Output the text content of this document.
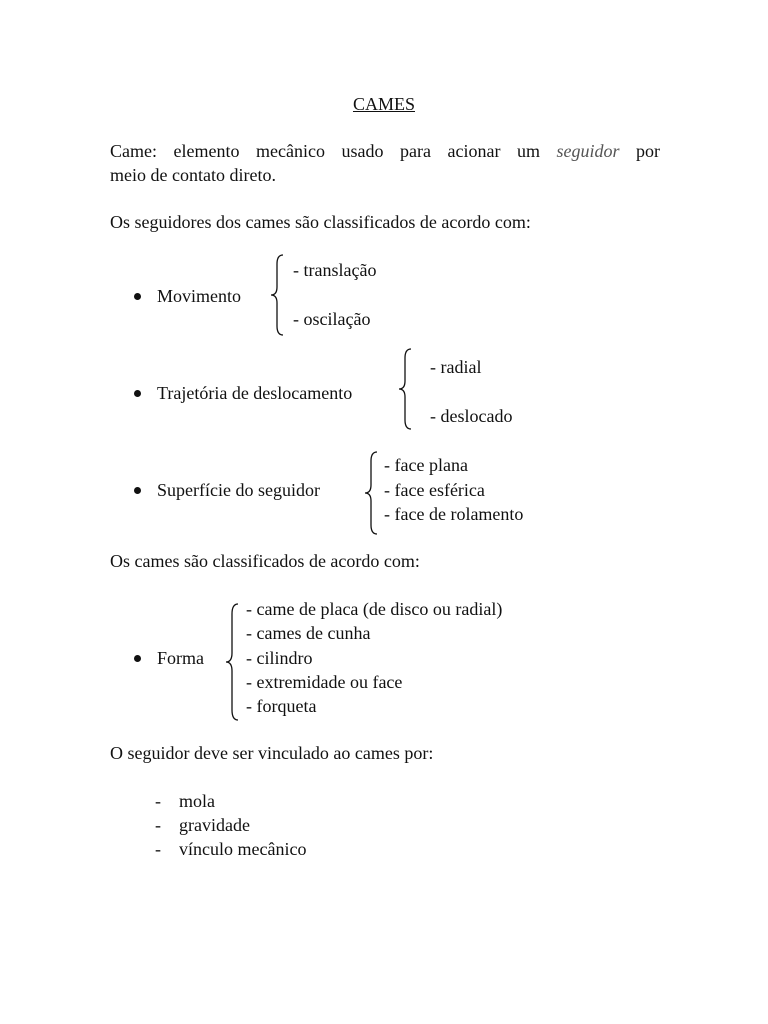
CAMES
Came: elemento mecânico usado para acionar um seguidor por
meio de contato direto.
Os seguidores dos cames são classificados de acordo com:
Movimento
- translação
- oscilação
Trajetória de deslocamento
- radial
- deslocado
Superfície do seguidor
- face plana
- face esférica
- face de rolamento
Os cames são classificados de acordo com:
Forma
- came de placa (de disco ou radial)
- cames de cunha
- cilindro
- extremidade ou face
- forqueta
O seguidor deve ser vinculado ao cames por:
- mola
- gravidade
- vínculo mecânico
